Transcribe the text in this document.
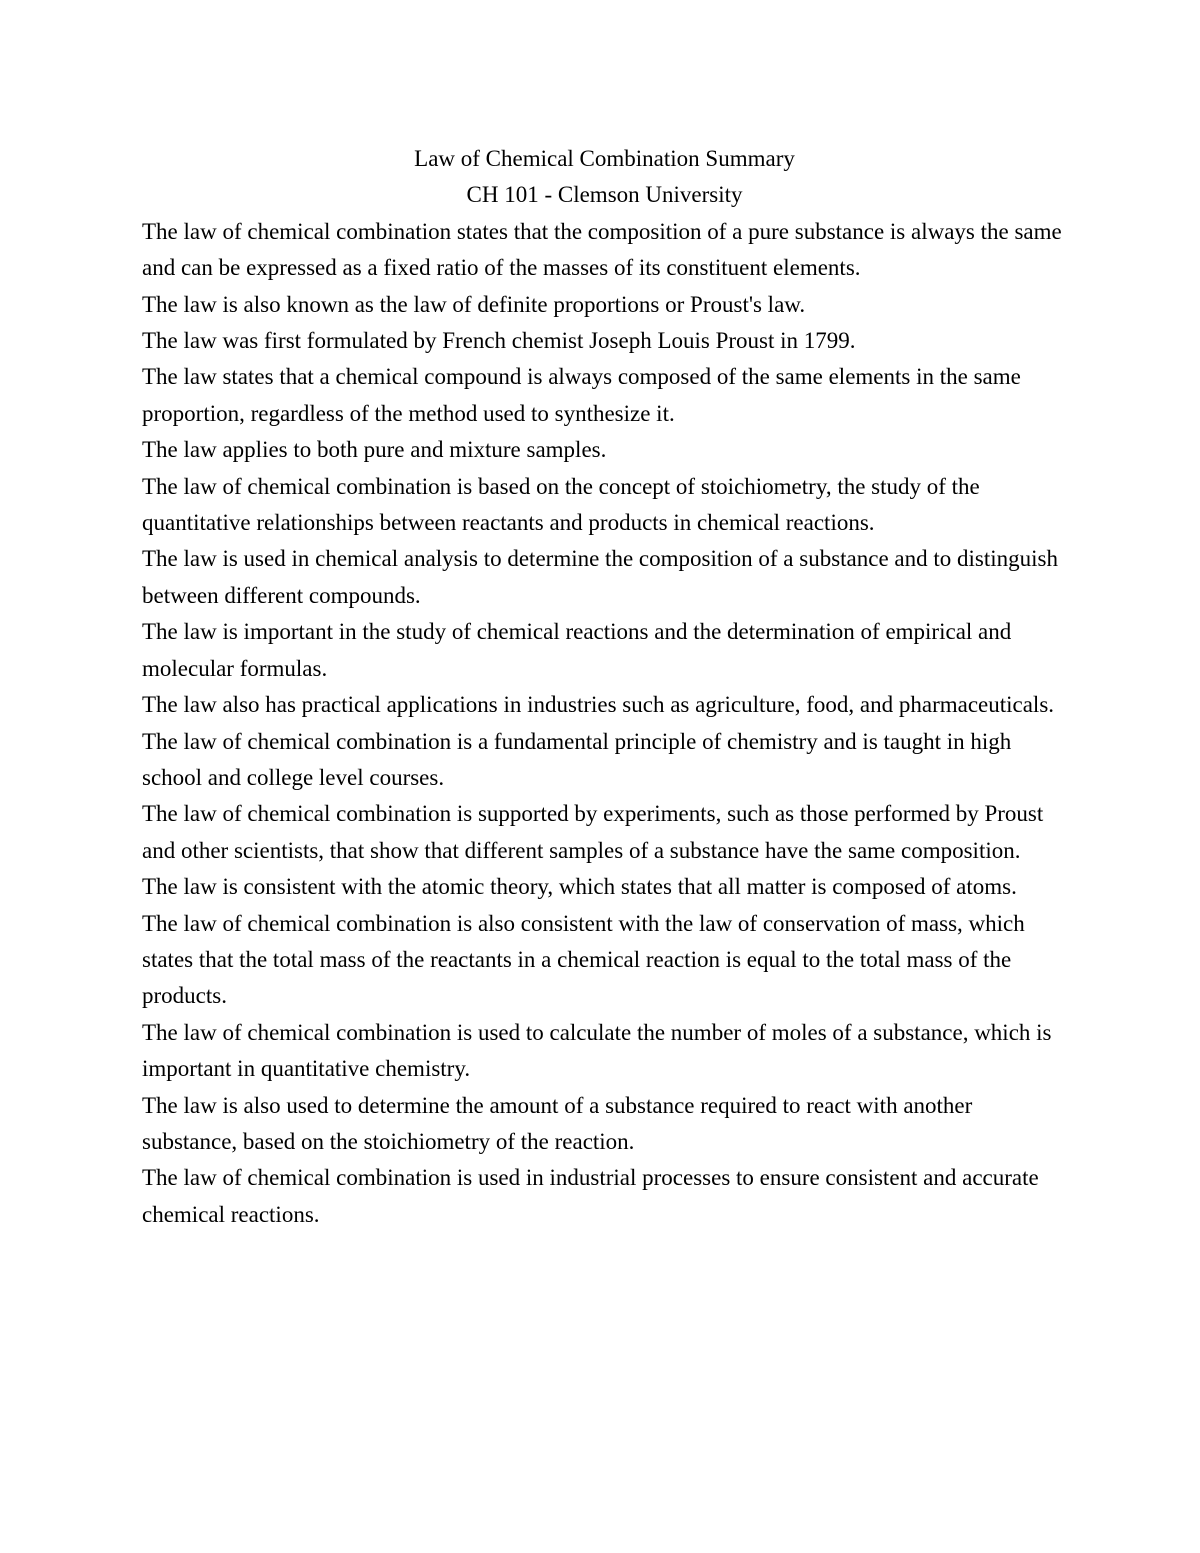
Law of Chemical Combination Summary

CH 101 - Clemson University

The law of chemical combination states that the composition of a pure substance is always the same and can be expressed as a fixed ratio of the masses of its constituent elements.

The law is also known as the law of definite proportions or Proust's law.

The law was first formulated by French chemist Joseph Louis Proust in 1799.

The law states that a chemical compound is always composed of the same elements in the same proportion, regardless of the method used to synthesize it.

The law applies to both pure and mixture samples.

The law of chemical combination is based on the concept of stoichiometry, the study of the quantitative relationships between reactants and products in chemical reactions.

The law is used in chemical analysis to determine the composition of a substance and to distinguish between different compounds.

The law is important in the study of chemical reactions and the determination of empirical and molecular formulas.

The law also has practical applications in industries such as agriculture, food, and pharmaceuticals.

The law of chemical combination is a fundamental principle of chemistry and is taught in high school and college level courses.

The law of chemical combination is supported by experiments, such as those performed by Proust and other scientists, that show that different samples of a substance have the same composition.

The law is consistent with the atomic theory, which states that all matter is composed of atoms.

The law of chemical combination is also consistent with the law of conservation of mass, which states that the total mass of the reactants in a chemical reaction is equal to the total mass of the products.

The law of chemical combination is used to calculate the number of moles of a substance, which is important in quantitative chemistry.

The law is also used to determine the amount of a substance required to react with another substance, based on the stoichiometry of the reaction.

The law of chemical combination is used in industrial processes to ensure consistent and accurate chemical reactions.
